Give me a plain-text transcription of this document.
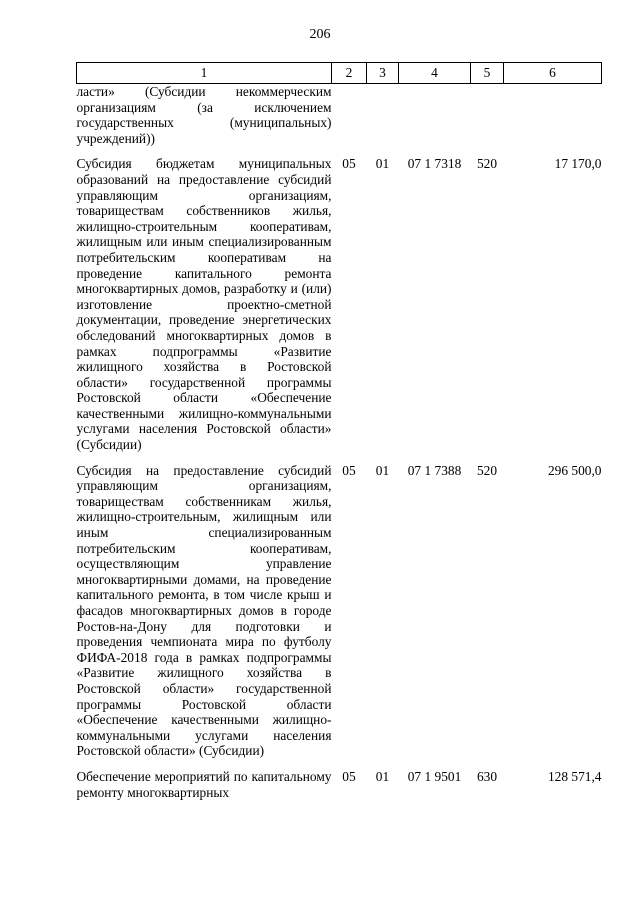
206
1	2	3	4	5	6
ласти» (Субсидии некоммерческим организациям (за исключением государственных (муниципальных) учреждений))					

Субсидия бюджетам муниципальных образований на предоставление субсидий управляющим организациям, товариществам собственников жилья, жилищно-строительным кооперативам, жилищным или иным специализированным потребительским кооперативам на проведение капитального ремонта многоквартирных домов, разработку и (или) изготовление проектно-сметной документации, проведение энергетических обследований многоквартирных домов в рамках подпрограммы «Развитие жилищного хозяйства в Ростовской области» государственной программы Ростовской области «Обеспечение качественными жилищно-коммунальными услугами населения Ростовской области» (Субсидии)	05	01	07 1 7318	520	17 170,0

Субсидия на предоставление субсидий управляющим организациям, товариществам собственникам жилья, жилищно-строительным, жилищным или иным специализированным потребительским кооперативам, осуществляющим управление многоквартирными домами, на проведение капитального ремонта, в том числе крыш и фасадов многоквартирных домов в городе Ростов-на-Дону для подготовки и проведения чемпионата мира по футболу ФИФА-2018 года в рамках подпрограммы «Развитие жилищного хозяйства в Ростовской области» государственной программы Ростовской области «Обеспечение качественными жилищно-коммунальными услугами населения Ростовской области» (Субсидии)	05	01	07 1 7388	520	296 500,0

Обеспечение мероприятий по капитальному ремонту многоквартирных	05	01	07 1 9501	630	128 571,4
